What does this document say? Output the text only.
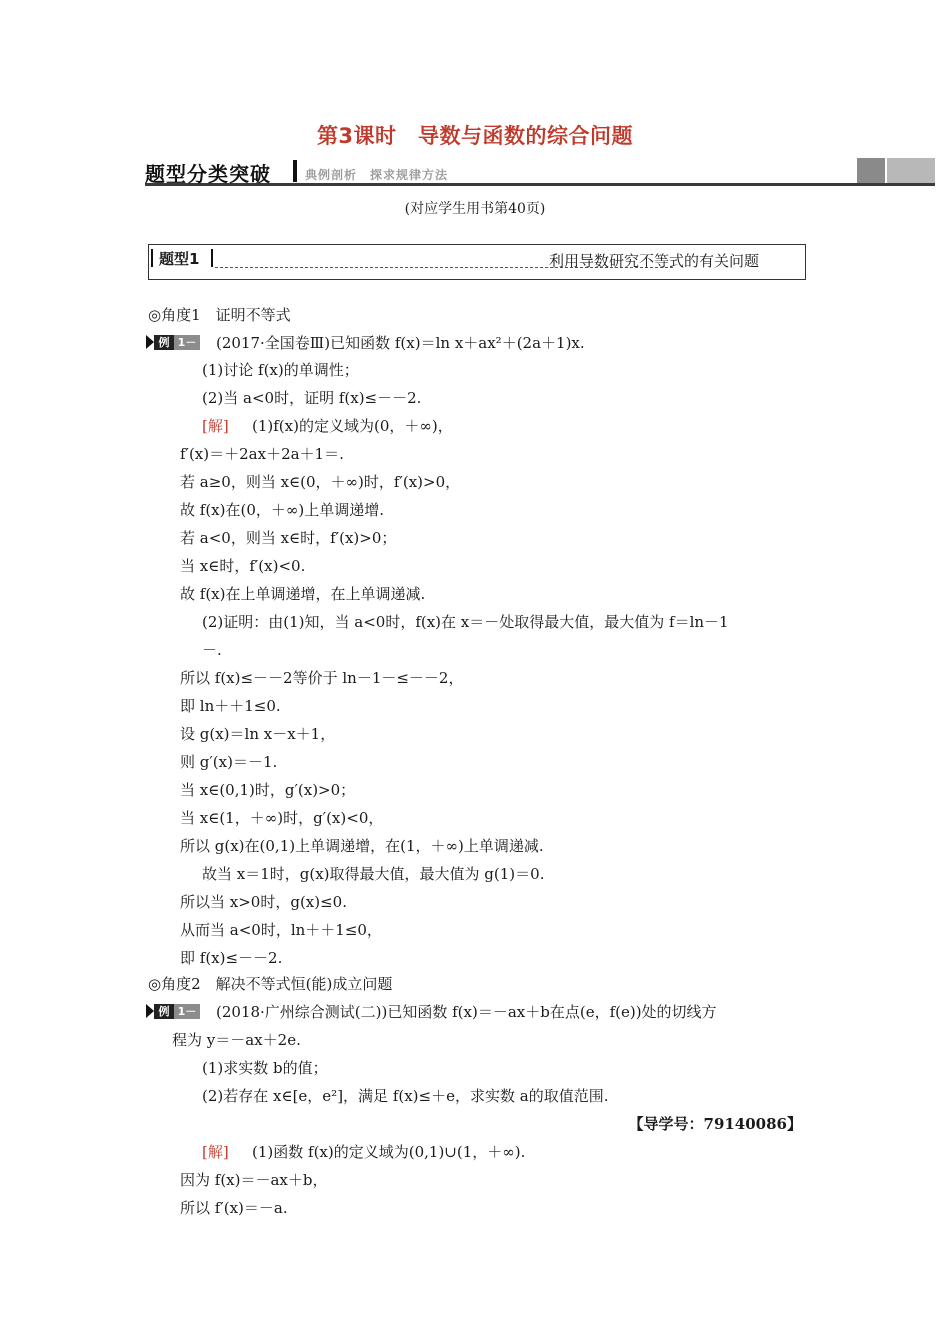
第3课时　导数与函数的综合问题
题型分类突破	典例剖析　探求规律方法
(对应学生用书第40页)
题型1	利用导数研究不等式的有关问题
◎角度1　证明不等式
例 1－1
(2017·全国卷Ⅲ)已知函数 f(x)＝ln x＋ax²＋(2a＋1)x.
(1)讨论 f(x)的单调性；
(2)当 a<0时，证明 f(x)≤－－2.
[解] (1)f(x)的定义域为(0，＋∞)，
f′(x)＝＋2ax＋2a＋1＝.
若 a≥0，则当 x∈(0，＋∞)时，f′(x)>0，
故 f(x)在(0，＋∞)上单调递增.
若 a<0，则当 x∈时，f′(x)>0；
当 x∈时，f′(x)<0.
故 f(x)在上单调递增，在上单调递减.
(2)证明：由(1)知，当 a<0时，f(x)在 x＝－处取得最大值，最大值为 f＝ln－1
－.
所以 f(x)≤－－2等价于 ln－1－≤－－2，
即 ln＋＋1≤0.
设 g(x)＝ln x－x＋1，
则 g′(x)＝－1.
当 x∈(0,1)时，g′(x)>0；
当 x∈(1，＋∞)时，g′(x)<0，
所以 g(x)在(0,1)上单调递增，在(1，＋∞)上单调递减.
故当 x＝1时，g(x)取得最大值，最大值为 g(1)＝0.
所以当 x>0时，g(x)≤0.
从而当 a<0时，ln＋＋1≤0，
即 f(x)≤－－2.
◎角度2　解决不等式恒(能)成立问题
例 1－2
(2018·广州综合测试(二))已知函数 f(x)＝－ax＋b在点(e，f(e))处的切线方
程为 y＝－ax＋2e.
(1)求实数 b的值；
(2)若存在 x∈[e，e²]，满足 f(x)≤＋e，求实数 a的取值范围.
【导学号：79140086】
[解] (1)函数 f(x)的定义域为(0,1)∪(1，＋∞).
因为 f(x)＝－ax＋b，
所以 f′(x)＝－a.
